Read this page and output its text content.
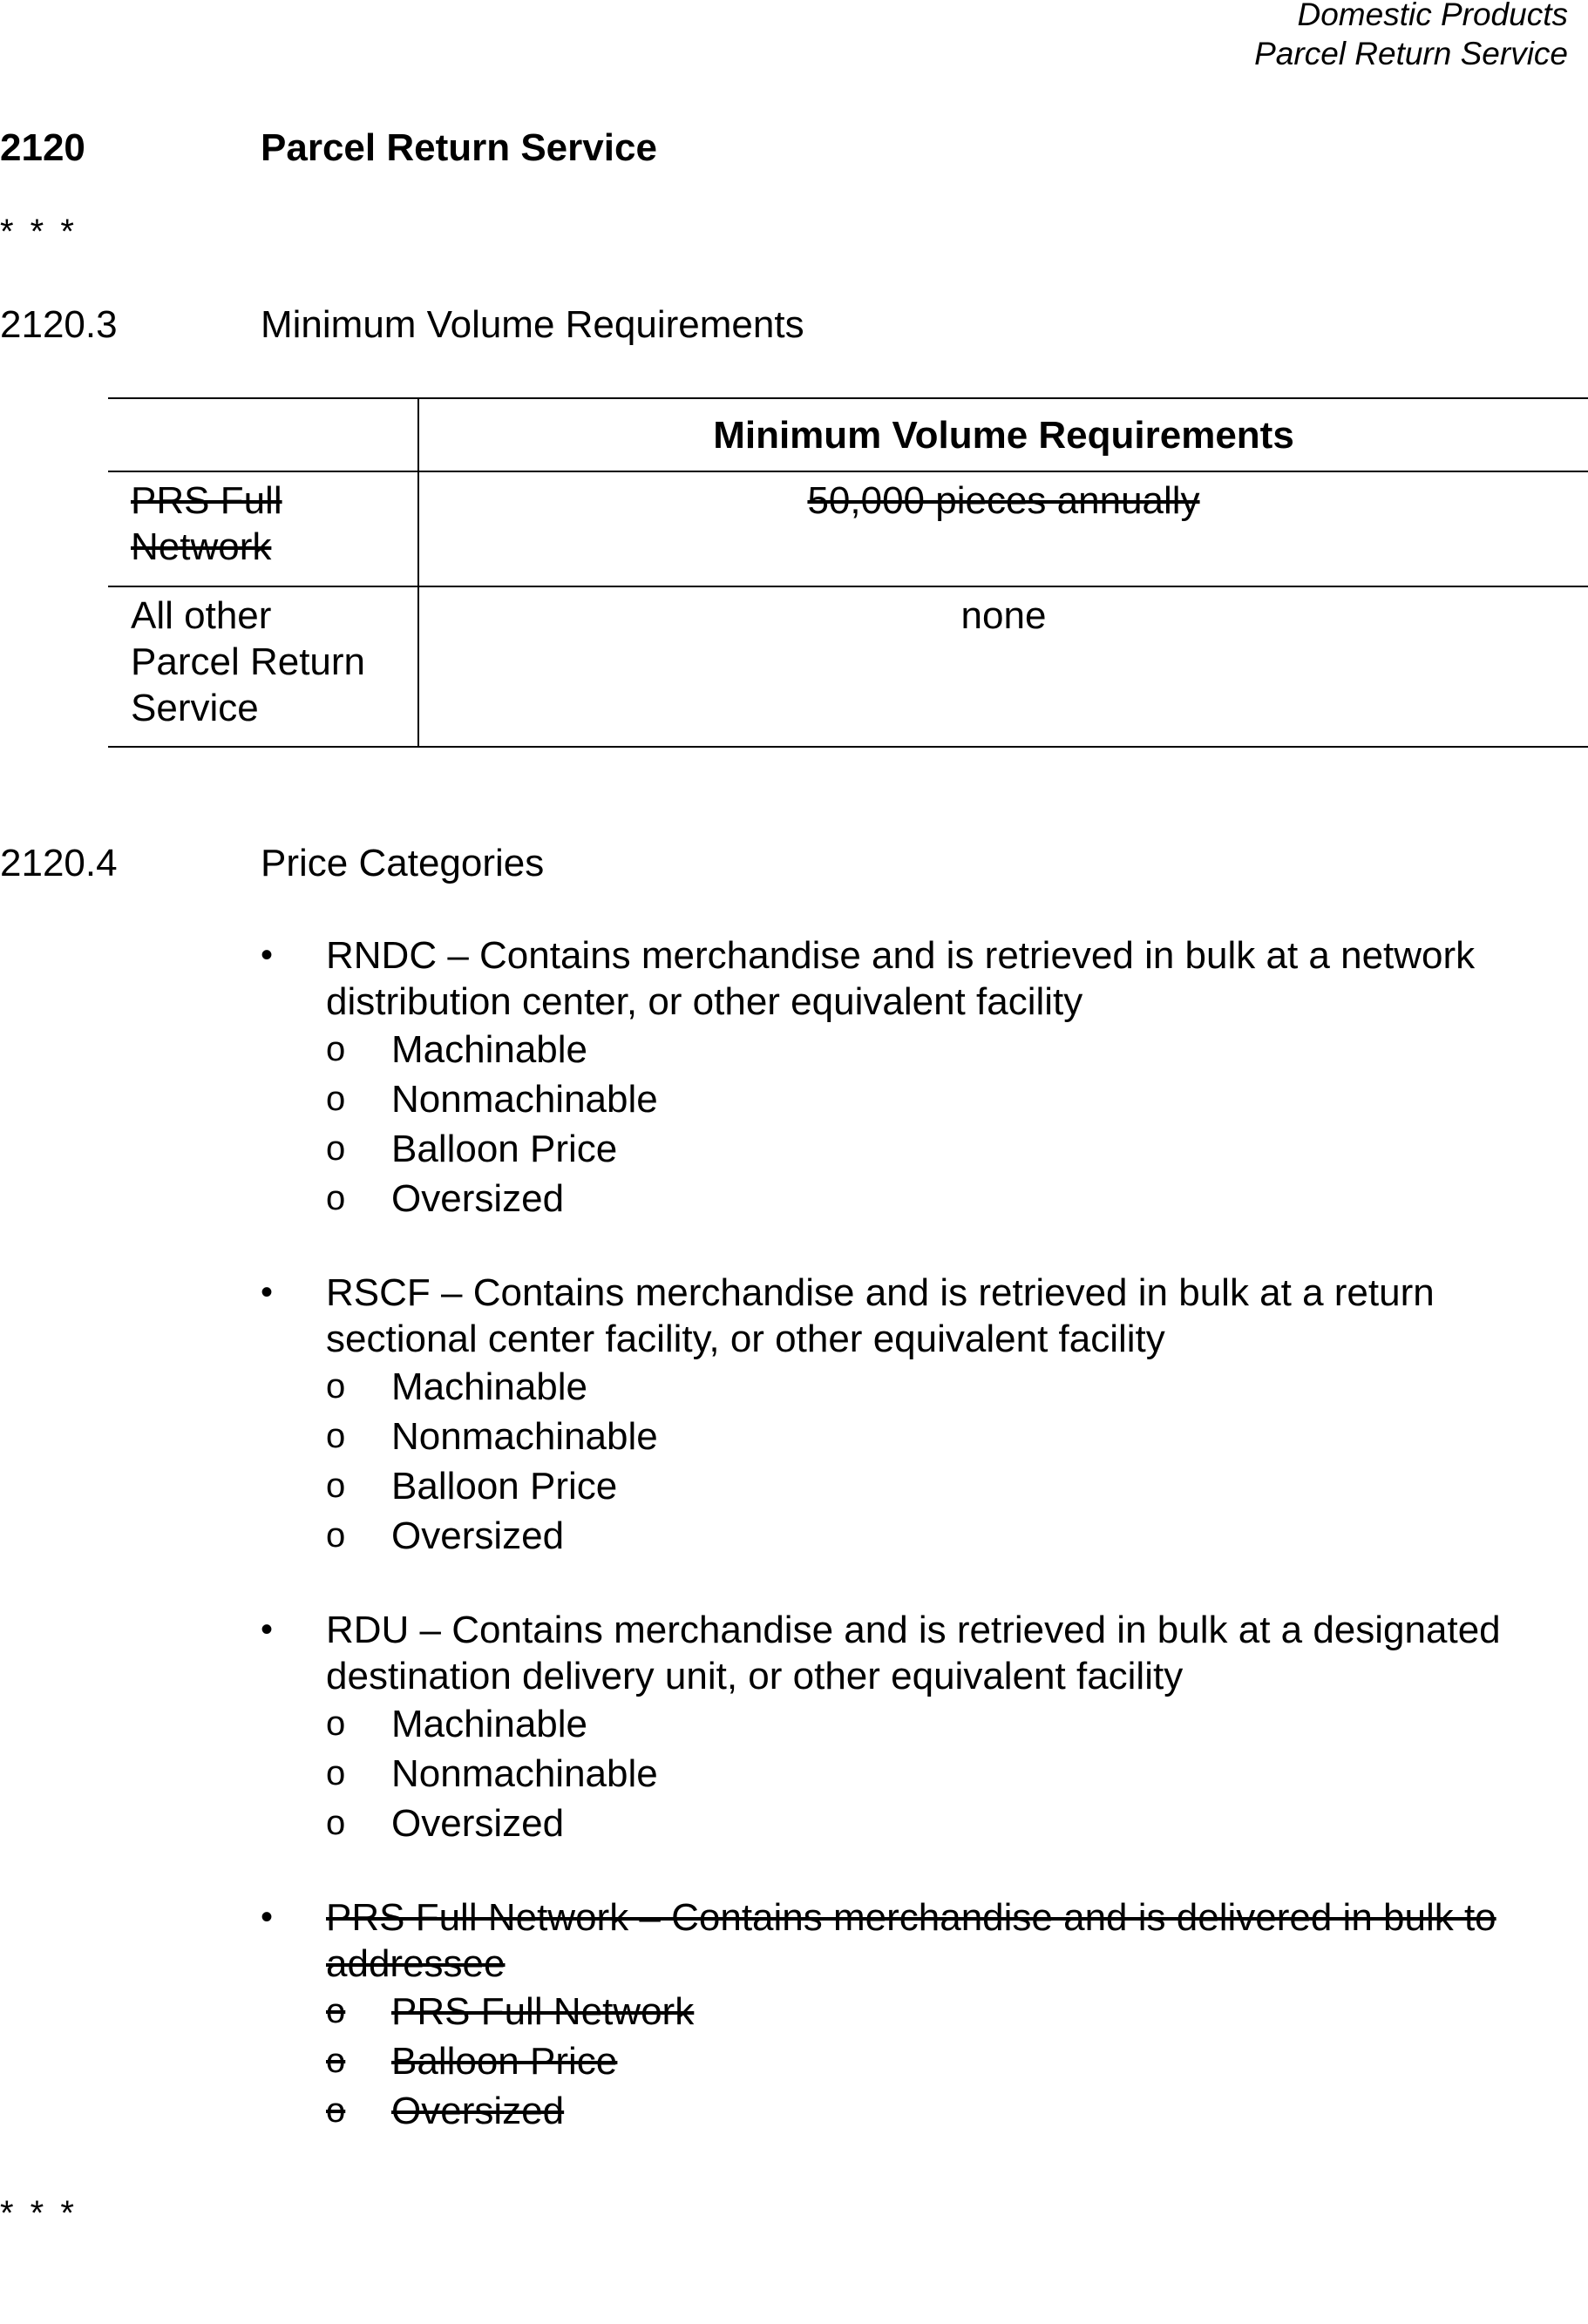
Domestic Products
Parcel Return Service
2120	Parcel Return Service
* * *
2120.3	Minimum Volume Requirements
	Minimum Volume Requirements

PRS Full
Network	50,000 pieces annually

All other
Parcel Return
Service	none
2120.4	Price Categories
• RNDC – Contains merchandise and is retrieved in bulk at a network
distribution center, or other equivalent facility
o Machinable
o Nonmachinable
o Balloon Price
o Oversized
• RSCF – Contains merchandise and is retrieved in bulk at a return
sectional center facility, or other equivalent facility
o Machinable
o Nonmachinable
o Balloon Price
o Oversized
• RDU – Contains merchandise and is retrieved in bulk at a designated
destination delivery unit, or other equivalent facility
o Machinable
o Nonmachinable
o Oversized
• PRS Full Network – Contains merchandise and is delivered in bulk to
addressee
o PRS Full Network
o Balloon Price
o Oversized
* * *
